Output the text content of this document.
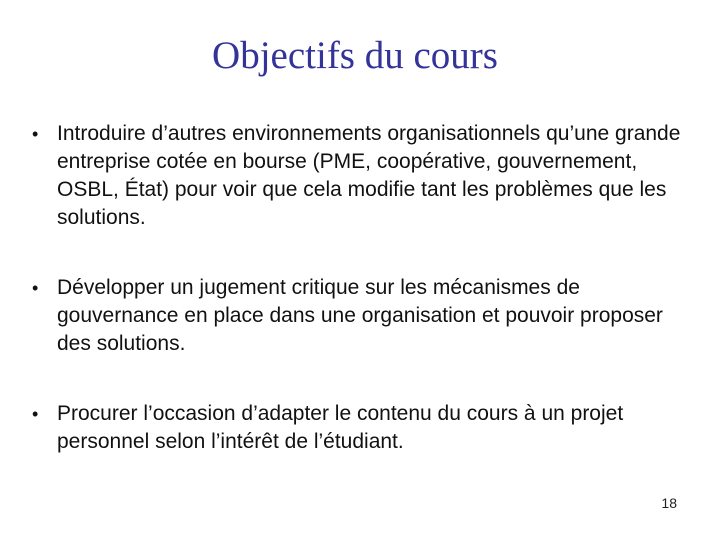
Objectifs du cours
• Introduire d’autres environnements organisationnels qu’une grande entreprise cotée en bourse (PME, coopérative, gouvernement, OSBL, État) pour voir que cela modifie tant les problèmes que les solutions.
• Développer un jugement critique sur les mécanismes de gouvernance en place dans une organisation et pouvoir proposer des solutions.
• Procurer l’occasion d’adapter le contenu du cours à un projet personnel selon l’intérêt de l’étudiant.
18
